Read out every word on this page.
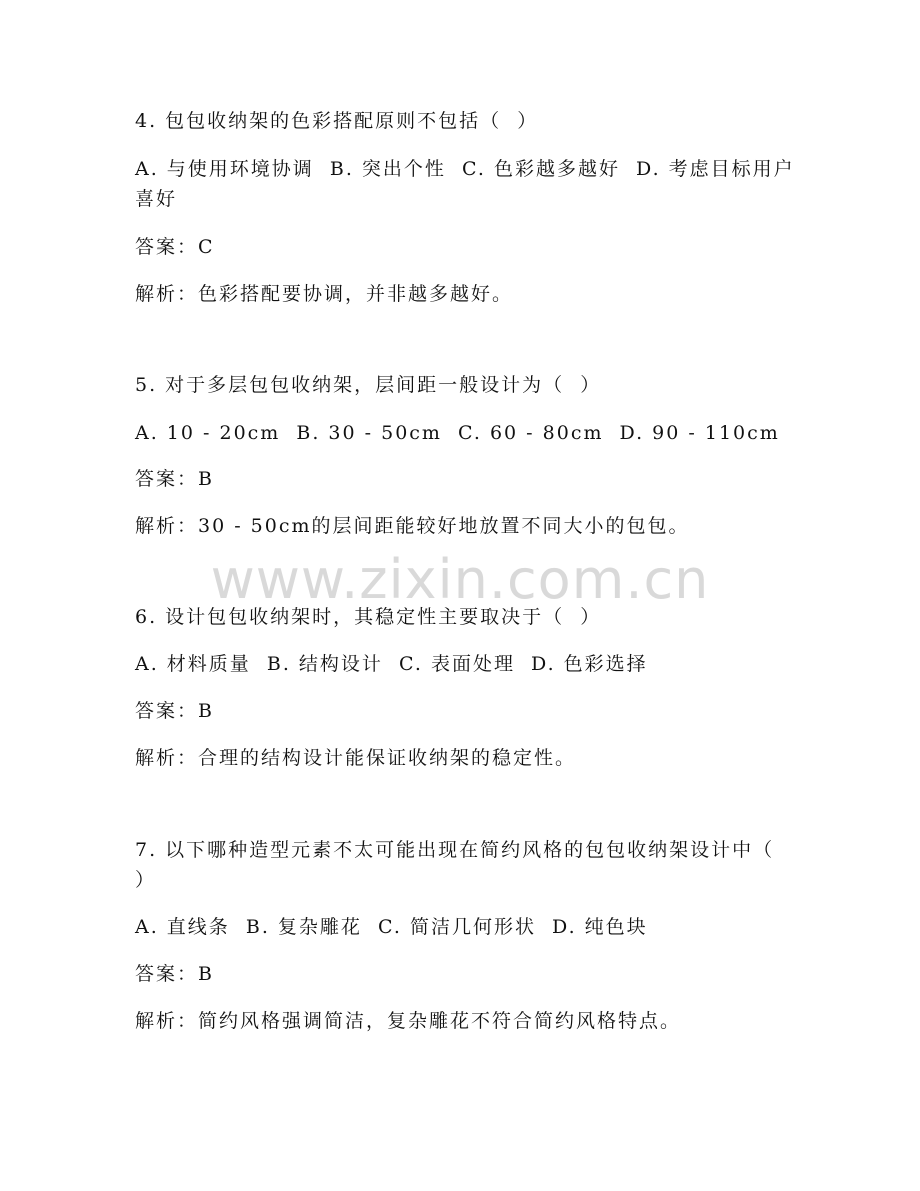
www.zixin.com.cn
4. 包包收纳架的色彩搭配原则不包括（  ）
A. 与使用环境协调  B. 突出个性  C. 色彩越多越好  D. 考虑目标用户喜好
答案：C
解析：色彩搭配要协调，并非越多越好。
5. 对于多层包包收纳架，层间距一般设计为（  ）
A. 10 - 20cm  B. 30 - 50cm  C. 60 - 80cm  D. 90 - 110cm
答案：B
解析：30 - 50cm的层间距能较好地放置不同大小的包包。
6. 设计包包收纳架时，其稳定性主要取决于（  ）
A. 材料质量  B. 结构设计  C. 表面处理  D. 色彩选择
答案：B
解析：合理的结构设计能保证收纳架的稳定性。
7. 以下哪种造型元素不太可能出现在简约风格的包包收纳架设计中（  ）
A. 直线条  B. 复杂雕花  C. 简洁几何形状  D. 纯色块
答案：B
解析：简约风格强调简洁，复杂雕花不符合简约风格特点。
